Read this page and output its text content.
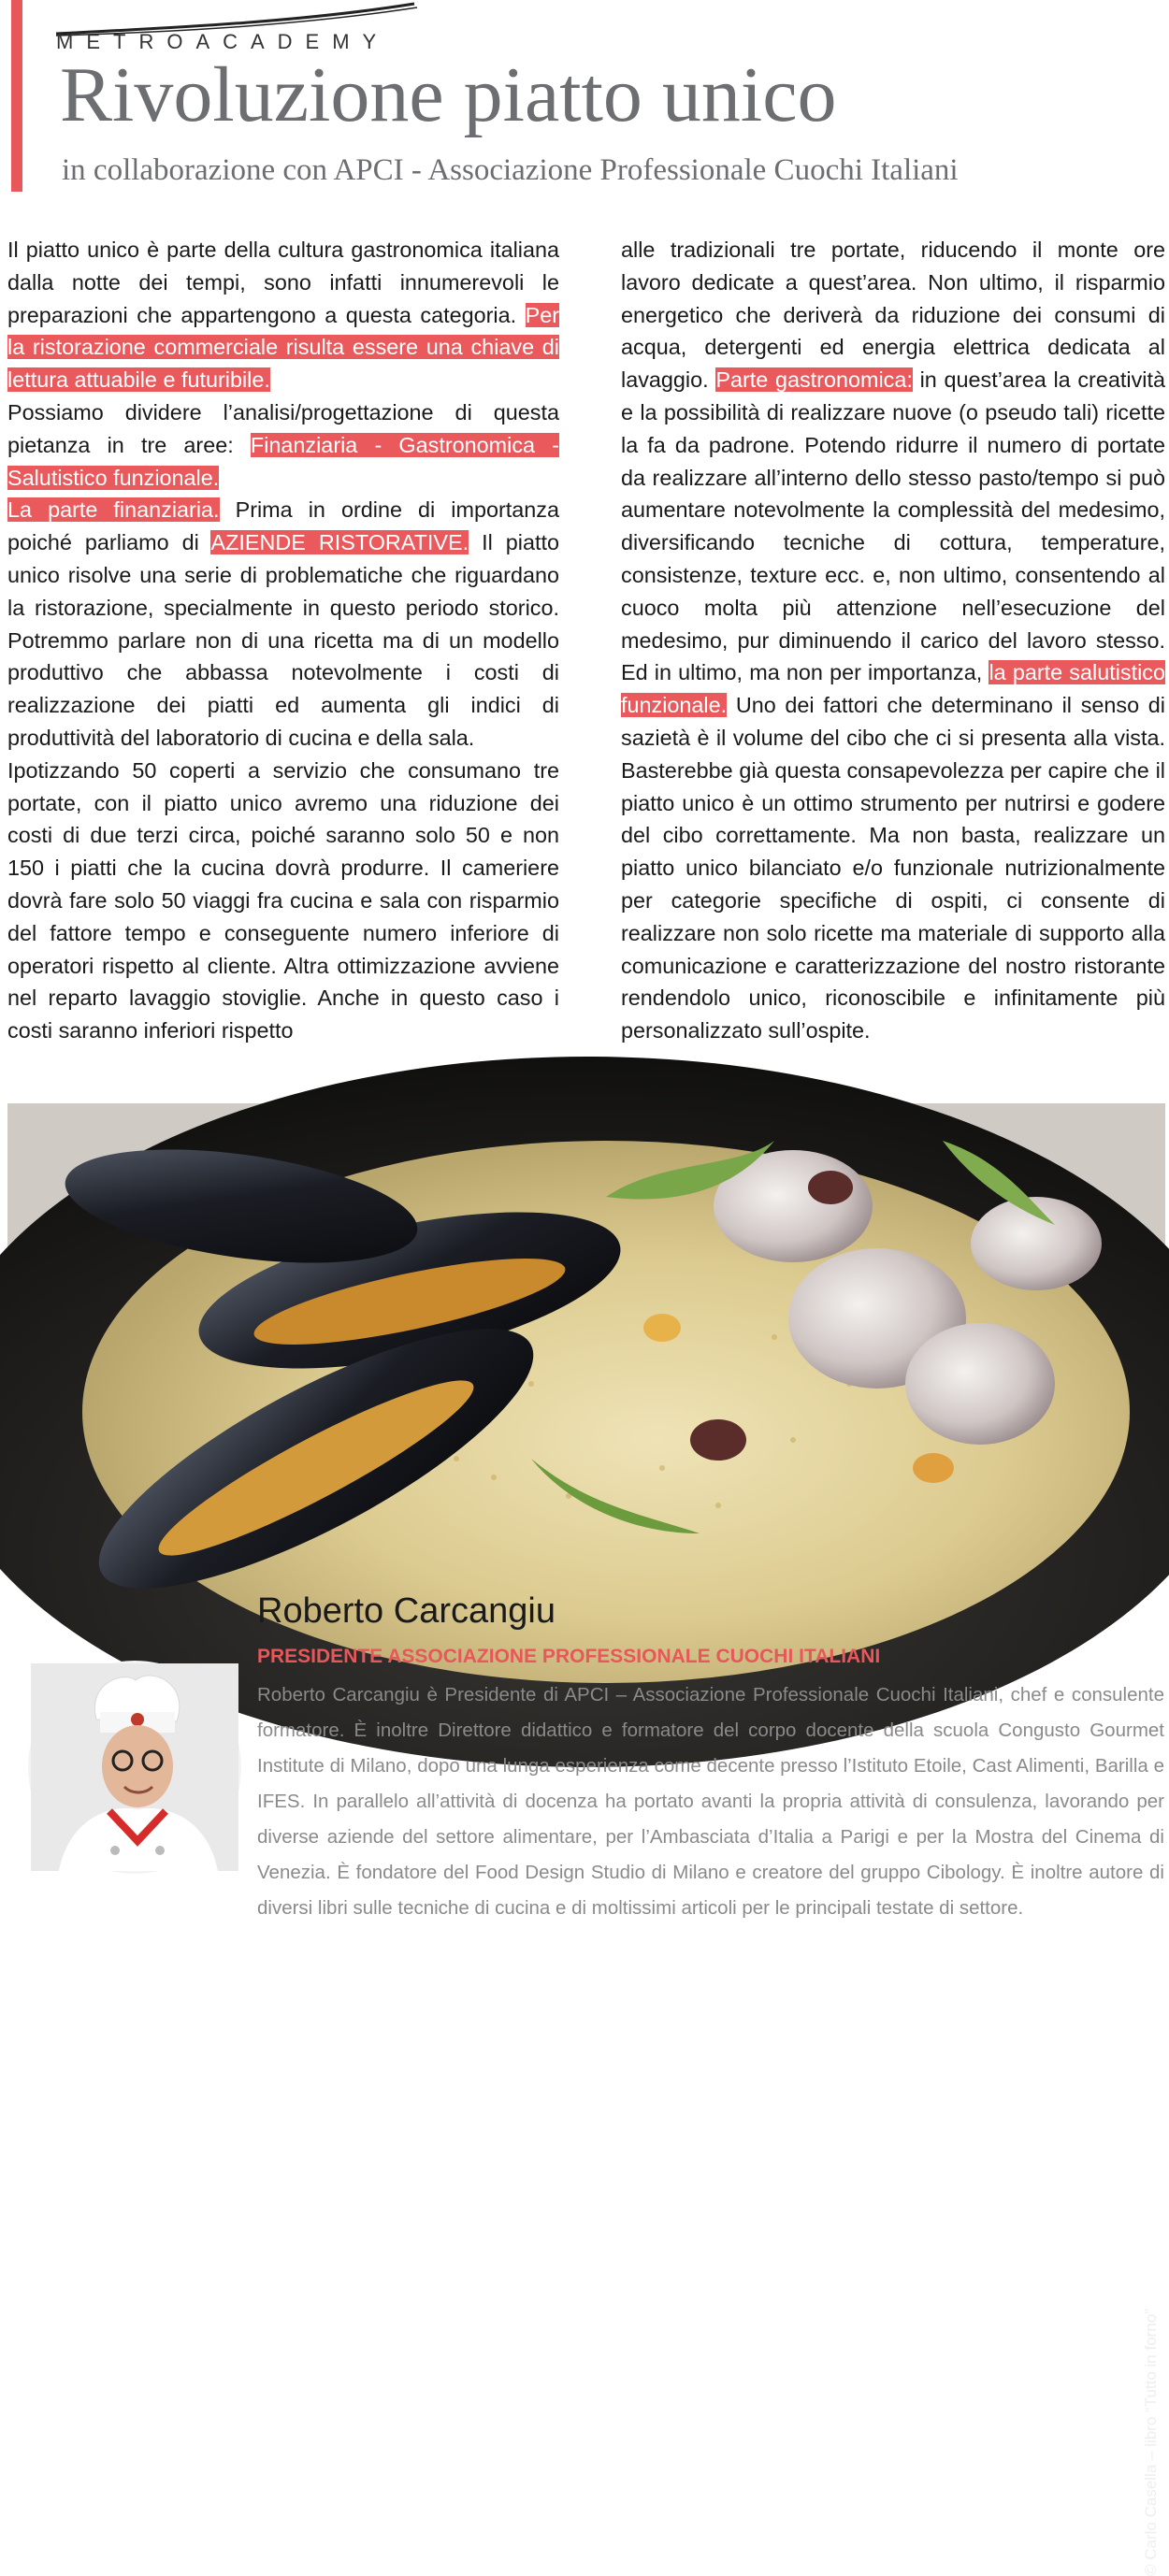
METROACADEMY
Rivoluzione piatto unico
in collaborazione con APCI - Associazione Professionale Cuochi Italiani

Il piatto unico è parte della cultura gastronomica italiana dalla notte dei tempi, sono infatti innumerevoli le preparazioni che appartengono a questa categoria. Per la ristorazione commerciale risulta essere una chiave di lettura attuabile e futuribile.

Possiamo dividere l’analisi/progettazione di questa pietanza in tre aree: Finanziaria - Gastronomica - Salutistico funzionale.

La parte finanziaria. Prima in ordine di importanza poiché parliamo di AZIENDE RISTORATIVE. Il piatto unico risolve una serie di problematiche che riguardano la ristorazione, specialmente in questo periodo storico. Potremmo parlare non di una ricetta ma di un modello produttivo che abbassa notevolmente i costi di realizzazione dei piatti ed aumenta gli indici di produttività del laboratorio di cucina e della sala.

Ipotizzando 50 coperti a servizio che consumano tre portate, con il piatto unico avremo una riduzione dei costi di due terzi circa, poiché saranno solo 50 e non 150 i piatti che la cucina dovrà produrre. Il cameriere dovrà fare solo 50 viaggi fra cucina e sala con risparmio del fattore tempo e conseguente numero inferiore di operatori rispetto al cliente. Altra ottimizzazione avviene nel reparto lavaggio stoviglie. Anche in questo caso i costi saranno inferiori rispetto

alle tradizionali tre portate, riducendo il monte ore lavoro dedicate a quest’area. Non ultimo, il risparmio energetico che deriverà da riduzione dei consumi di acqua, detergenti ed energia elettrica dedicata al lavaggio. Parte gastronomica: in quest’area la creatività e la possibilità di realizzare nuove (o pseudo tali) ricette la fa da padrone. Potendo ridurre il numero di portate da realizzare all’interno dello stesso pasto/tempo si può aumentare notevolmente la complessità del medesimo, diversificando tecniche di cottura, temperature, consistenze, texture ecc. e, non ultimo, consentendo al cuoco molta più attenzione nell’esecuzione del medesimo, pur diminuendo il carico del lavoro stesso. Ed in ultimo, ma non per importanza, la parte salutistico funzionale. Uno dei fattori che determinano il senso di sazietà è il volume del cibo che ci si presenta alla vista. Basterebbe già questa consapevolezza per capire che il piatto unico è un ottimo strumento per nutrirsi e godere del cibo correttamente. Ma non basta, realizzare un piatto unico bilanciato e/o funzionale nutrizionalmente per categorie specifiche di ospiti, ci consente di realizzare non solo ricette ma materiale di supporto alla comunicazione e caratterizzazione del nostro ristorante rendendolo unico, riconoscibile e infinitamente più personalizzato sull’ospite.

© Carlo Casella – libro “Tutto in forno”
Roberto Carcangiu
PRESIDENTE ASSOCIAZIONE PROFESSIONALE CUOCHI ITALIANI

Roberto Carcangiu è Presidente di APCI – Associazione Professionale Cuochi Italiani, chef e consulente formatore. È inoltre Direttore didattico e formatore del corpo docente della scuola Congusto Gourmet Institute di Milano, dopo una lunga esperienza come decente presso l’Istituto Etoile, Cast Alimenti, Barilla e IFES. In parallelo all’attività di docenza ha portato avanti la propria attività di consulenza, lavorando per diverse aziende del settore alimentare, per l’Ambasciata d’Italia a Parigi e per la Mostra del Cinema di Venezia. È fondatore del Food Design Studio di Milano e creatore del gruppo Cibology. È inoltre autore di diversi libri sulle tecniche di cucina e di moltissimi articoli per le principali testate di settore.
